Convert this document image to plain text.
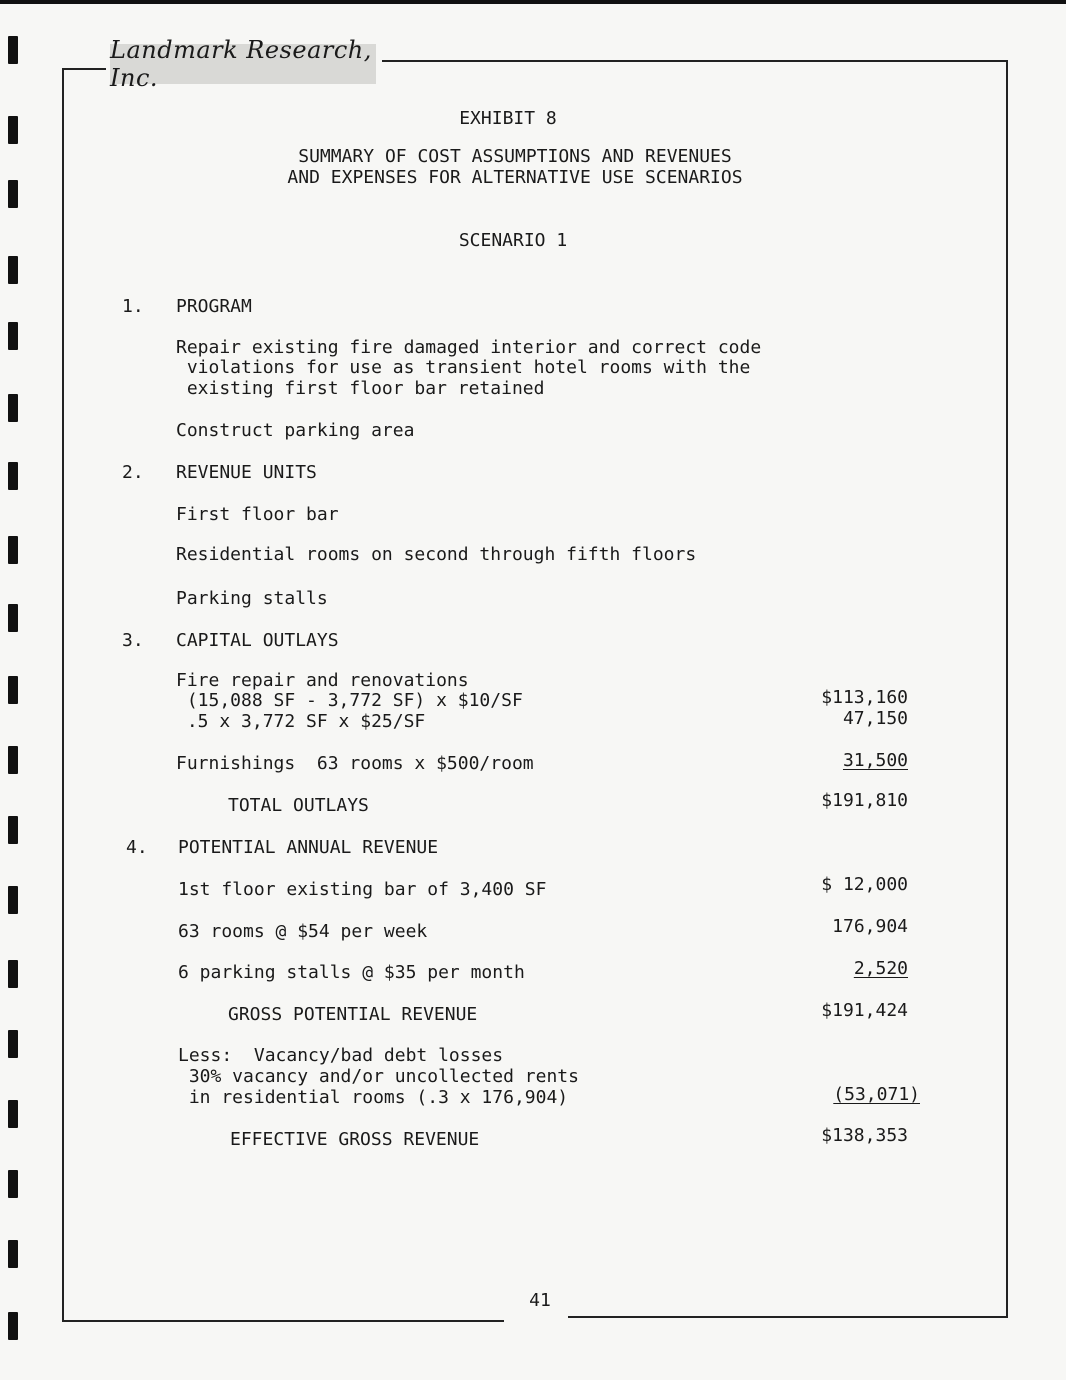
Landmark Research, Inc.
EXHIBIT 8
SUMMARY OF COST ASSUMPTIONS AND REVENUES
AND EXPENSES FOR ALTERNATIVE USE SCENARIOS
SCENARIO 1
1. PROGRAM
Repair existing fire damaged interior and correct code
violations for use as transient hotel rooms with the
existing first floor bar retained
Construct parking area
2. REVENUE UNITS
First floor bar
Residential rooms on second through fifth floors
Parking stalls
3. CAPITAL OUTLAYS
Fire repair and renovations
(15,088 SF - 3,772 SF) x $10/SF	$113,160
.5 x 3,772 SF x $25/SF	47,150
Furnishings  63 rooms x $500/room	31,500
TOTAL OUTLAYS	$191,810
4. POTENTIAL ANNUAL REVENUE
1st floor existing bar of 3,400 SF	$ 12,000
63 rooms @ $54 per week	176,904
6 parking stalls @ $35 per month	2,520
GROSS POTENTIAL REVENUE	$191,424
Less:  Vacancy/bad debt losses
30% vacancy and/or uncollected rents
in residential rooms (.3 x 176,904)	(53,071)
EFFECTIVE GROSS REVENUE	$138,353
41
